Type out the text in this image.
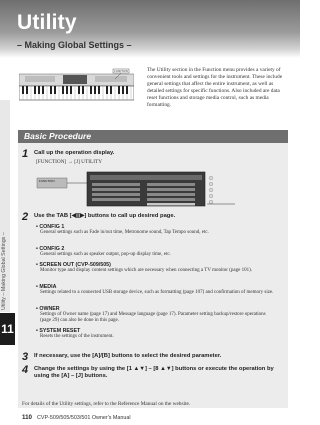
Utility
– Making Global Settings –
Utility – Making Global Settings –
11
FUNCTION	The Utility section in the Function menu provides a variety of convenient tools and settings for the instrument. These include general settings that affect the entire instrument, as well as detailed settings for specific functions. Also included are data reset functions and storage media control, such as media formatting.
Basic Procedure
1 Call up the operation display.
[FUNCTION] → [J] UTILITY
FUNCTION
2 Use the TAB [◀][▶] buttons to call up desired page.
• CONFIG 1
General settings such as Fade in/out time, Metronome sound, Tap Tempo sound, etc.
• CONFIG 2
General settings such as speaker output, pop-up display time, etc.
• SCREEN OUT (CVP-509/505)
Monitor type and display content settings which are necessary when connecting a TV monitor (page 101).
• MEDIA
Settings related to a connected USB storage device, such as formatting (page 107) and confirmation of memory size.
• OWNER
Settings of Owner name (page 17) and Message language (page 17). Parameter setting backup/restore operations (page 29) can also be done in this page.
• SYSTEM RESET
Resets the settings of the instrument.
3 If necessary, use the [A]/[B] buttons to select the desired parameter.
4 Change the settings by using the [1 ▲▼] – [8 ▲▼] buttons or execute the operation by using the [A] – [J] buttons.
For details of the Utility settings, refer to the Reference Manual on the website.
110 CVP-509/505/503/501 Owner's Manual
